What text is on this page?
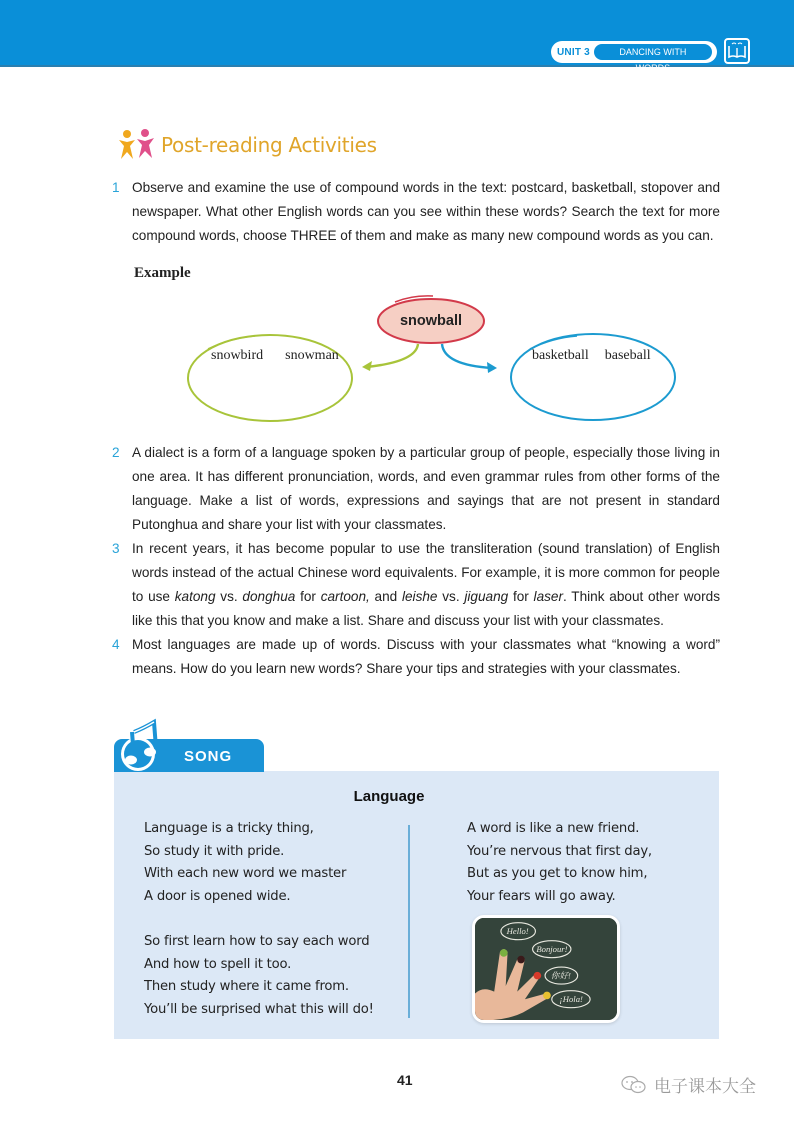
UNIT 3	DANCING WITH WORDS
Post-reading Activities
1 Observe and examine the use of compound words in the text: postcard, basketball, stopover and newspaper. What other English words can you see within these words? Search the text for more compound words, choose THREE of them and make as many new compound words as you can.
Example
snowball
snowbird snowman	basketball baseball
2 A dialect is a form of a language spoken by a particular group of people, especially those living in one area. It has different pronunciation, words, and even grammar rules from other forms of the language. Make a list of words, expressions and sayings that are not present in standard Putonghua and share your list with your classmates.
3 In recent years, it has become popular to use the transliteration (sound translation) of English words instead of the actual Chinese word equivalents. For example, it is more common for people to use katong vs. donghua for cartoon, and leishe vs. jiguang for laser. Think about other words like this that you know and make a list. Share and discuss your list with your classmates.
4 Most languages are made up of words. Discuss with your classmates what “knowing a word” means. How do you learn new words? Share your tips and strategies with your classmates.
SONG
Language
Language is a tricky thing,
So study it with pride.
With each new word we master
A door is opened wide.
So first learn how to say each word
And how to spell it too.
Then study where it came from.
You’ll be surprised what this will do!
A word is like a new friend.
You’re nervous that first day,
But as you get to know him,
Your fears will go away.
Hello!
Bonjour!
你好!
¡Hola!
41	电子课本大全
